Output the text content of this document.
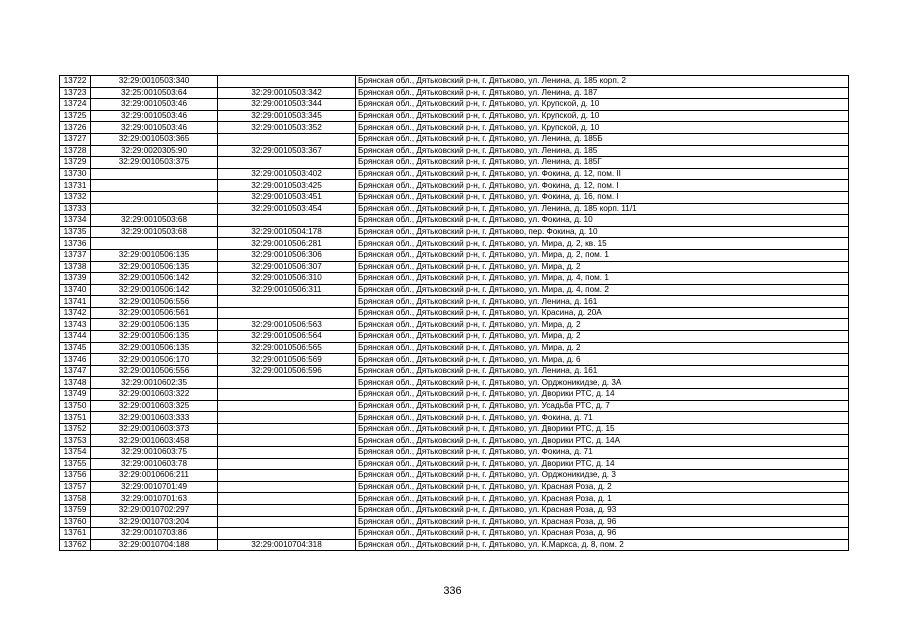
13722	32:29:0010503:340		Брянская обл., Дятьковский р-н, г. Дятьково, ул. Ленина, д. 185 корп. 2
13723	32:25:0010503:64	32:29:0010503:342	Брянская обл., Дятьковский р-н, г. Дятьково, ул. Ленина, д. 187
13724	32:29:0010503:46	32:29:0010503:344	Брянская обл., Дятьковский р-н, г. Дятьково, ул. Крупской, д. 10
13725	32:29:0010503:46	32:29:0010503:345	Брянская обл., Дятьковский р-н, г. Дятьково, ул. Крупской, д. 10
13726	32:29:0010503:46	32:29:0010503:352	Брянская обл., Дятьковский р-н, г. Дятьково, ул. Крупской, д. 10
13727	32:29:0010503:365		Брянская обл., Дятьковский р-н, г. Дятьково, ул. Ленина, д. 185Б
13728	32:29:0020305:90	32:29:0010503:367	Брянская обл., Дятьковский р-н, г. Дятьково, ул. Ленина, д. 185
13729	32:29:0010503:375		Брянская обл., Дятьковский р-н, г. Дятьково, ул. Ленина, д. 185Г
13730		32:29:0010503:402	Брянская обл., Дятьковский р-н, г. Дятьково, ул. Фокина, д. 12, пом. II
13731		32:29:0010503:425	Брянская обл., Дятьковский р-н, г. Дятьково, ул. Фокина, д. 12, пом. I
13732		32:29:0010503:451	Брянская обл., Дятьковский р-н, г. Дятьково, ул. Фокина, д. 16, пом. I
13733		32:29:0010503:454	Брянская обл., Дятьковский р-н, г. Дятьково, ул. Ленина, д. 185 корп. 11/1
13734	32:29:0010503:68		Брянская обл., Дятьковский р-н, г. Дятьково, ул. Фокина, д. 10
13735	32:29:0010503:68	32:29:0010504:178	Брянская обл., Дятьковский р-н, г. Дятьково, пер. Фокина, д. 10
13736		32:29:0010506:281	Брянская обл., Дятьковский р-н, г. Дятьково, ул. Мира, д. 2, кв. 15
13737	32:29:0010506:135	32:29:0010506:306	Брянская обл., Дятьковский р-н, г. Дятьково, ул. Мира, д. 2, пом. 1
13738	32:29:0010506:135	32:29:0010506:307	Брянская обл., Дятьковский р-н, г. Дятьково, ул. Мира, д. 2
13739	32:29:0010506:142	32:29:0010506:310	Брянская обл., Дятьковский р-н, г. Дятьково, ул. Мира, д. 4, пом. 1
13740	32:29:0010506:142	32:29:0010506:311	Брянская обл., Дятьковский р-н, г. Дятьково, ул. Мира, д. 4, пом. 2
13741	32:29:0010506:556		Брянская обл., Дятьковский р-н, г. Дятьково, ул. Ленина, д. 161
13742	32:29:0010506:561		Брянская обл., Дятьковский р-н, г. Дятьково, ул. Красина, д. 20А
13743	32:29:0010506:135	32:29:0010506:563	Брянская обл., Дятьковский р-н, г. Дятьково, ул. Мира, д. 2
13744	32:29:0010506:135	32:29:0010506:564	Брянская обл., Дятьковский р-н, г. Дятьково, ул. Мира, д. 2
13745	32:29:0010506:135	32:29:0010506:565	Брянская обл., Дятьковский р-н, г. Дятьково, ул. Мира, д. 2
13746	32:29:0010506:170	32:29:0010506:569	Брянская обл., Дятьковский р-н, г. Дятьково, ул. Мира, д. 6
13747	32:29:0010506:556	32:29:0010506:596	Брянская обл., Дятьковский р-н, г. Дятьково, ул. Ленина, д. 161
13748	32:29:0010602:35		Брянская обл., Дятьковский р-н, г. Дятьково, ул. Орджоникидзе, д. 3А
13749	32:29:0010603:322		Брянская обл., Дятьковский р-н, г. Дятьково, ул. Дворики РТС, д. 14
13750	32:29:0010603:325		Брянская обл., Дятьковский р-н, г. Дятьково, ул. Усадьба РТС, д. 7
13751	32:29:0010603:333		Брянская обл., Дятьковский р-н, г. Дятьково, ул. Фокина, д. 71
13752	32:29:0010603:373		Брянская обл., Дятьковский р-н, г. Дятьково, ул. Дворики РТС, д. 15
13753	32:29:0010603:458		Брянская обл., Дятьковский р-н, г. Дятьково, ул. Дворики РТС, д. 14А
13754	32:29:0010603:75		Брянская обл., Дятьковский р-н, г. Дятьково, ул. Фокина, д. 71
13755	32:29:0010603:78		Брянская обл., Дятьковский р-н, г. Дятьково, ул. Дворики РТС, д. 14
13756	32:29:0010606:211		Брянская обл., Дятьковский р-н, г. Дятьково, ул. Орджоникидзе, д. 3
13757	32:29:0010701:49		Брянская обл., Дятьковский р-н, г. Дятьково, ул. Красная Роза, д. 2
13758	32:29:0010701:63		Брянская обл., Дятьковский р-н, г. Дятьково, ул. Красная Роза, д. 1
13759	32:29:0010702:297		Брянская обл., Дятьковский р-н, г. Дятьково, ул. Красная Роза, д. 93
13760	32:29:0010703:204		Брянская обл., Дятьковский р-н, г. Дятьково, ул. Красная Роза, д. 96
13761	32:29:0010703:86		Брянская обл., Дятьковский р-н, г. Дятьково, ул. Красная Роза, д. 96
13762	32:29:0010704:188	32:29:0010704:318	Брянская обл., Дятьковский р-н, г. Дятьково, ул. К.Маркса, д. 8, пом. 2
336
